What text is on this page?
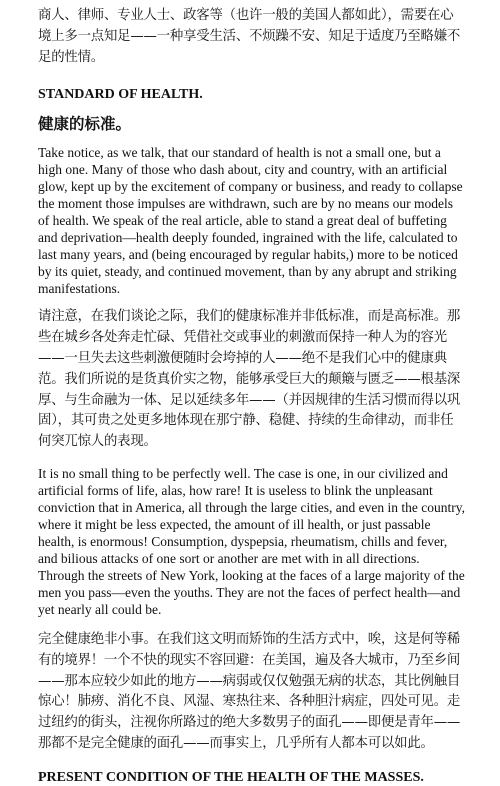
商人、律师、专业人士、政客等（也许一般的美国人都如此），需要在心境上多一点知足——一种享受生活、不烦躁不安、知足于适度乃至略嫌不足的性情。

STANDARD OF HEALTH.

健康的标准。

Take notice, as we talk, that our standard of health is not a small one, but a high one. Many of those who dash about, city and country, with an artificial glow, kept up by the excitement of company or business, and ready to collapse the moment those impulses are withdrawn, such are by no means our models of health. We speak of the real article, able to stand a great deal of buffeting and deprivation—health deeply founded, ingrained with the life, calculated to last many years, and (being encouraged by regular habits,) more to be noticed by its quiet, steady, and continued movement, than by any abrupt and striking manifestations.

请注意，在我们谈论之际，我们的健康标准并非低标准，而是高标准。那些在城乡各处奔走忙碌、凭借社交或事业的刺激而保持一种人为的容光——一旦失去这些刺激便随时会垮掉的人——绝不是我们心中的健康典范。我们所说的是货真价实之物，能够承受巨大的颠簸与匮乏——根基深厚、与生命融为一体、足以延续多年——（并因规律的生活习惯而得以巩固），其可贵之处更多地体现在那宁静、稳健、持续的生命律动，而非任何突兀惊人的表现。

It is no small thing to be perfectly well. The case is one, in our civilized and artificial forms of life, alas, how rare! It is useless to blink the unpleasant conviction that in America, all through the large cities, and even in the country, where it might be less expected, the amount of ill health, or just passable health, is enormous! Consumption, dyspepsia, rheumatism, chills and fever, and bilious attacks of one sort or another are met with in all directions. Through the streets of New York, looking at the faces of a large majority of the men you pass—even the youths. They are not the faces of perfect health—and yet nearly all could be.

完全健康绝非小事。在我们这文明而矫饰的生活方式中，唉，这是何等稀有的境界！一个不快的现实不容回避：在美国，遍及各大城市，乃至乡间——那本应较少如此的地方——病弱或仅仅勉强无病的状态，其比例触目惊心！肺痨、消化不良、风湿、寒热往来、各种胆汁病症，四处可见。走过纽约的街头，注视你所路过的绝大多数男子的面孔——即便是青年——那都不是完全健康的面孔——而事实上，几乎所有人都本可以如此。

PRESENT CONDITION OF THE HEALTH OF THE MASSES.
